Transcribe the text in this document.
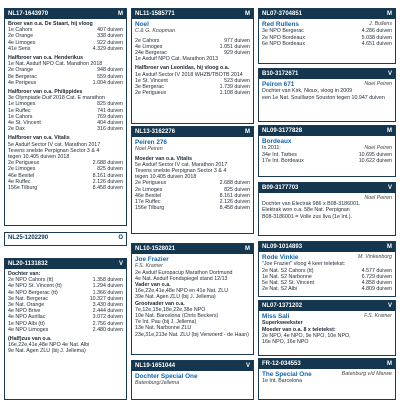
NL17-1643970	M
Broer van o.a. De Staart, hij vloog
1e Cahors	407 duiven
2e Orange	338 duiven
4e Limoges	922 duiven
41e Sens	4.329 duiven
Halfbroer van o.a. Henderikus
1e Nat. Asduif NPO Cat. Marathon 2018
2e Orange	948 duiven
8e Bergerac	559 duiven
4e Perigeux	1.004 duiven
Halfbroer van o.a. Philippides
3e Olympiade Duif 2018 Cat. E marathon
1e Limoges	825 duiven
1e Ruffec	741 duiven
1e Cahors	769 duiven
4e St. Vincent	404 duiven
2e Dax	316 duiven
Halfbroer van o.a. Vitalis
5e Asduif Sector IV cat. Marathon 2017
Tevens snelste Perpignan Sector 3 & 4
tegen 10.405 duiven 2018
2e Perigueux	2.688 duiven
2e Limoges	825 duiven
46e Bexitel	8.161 duiven
4e Ruffec	2.126 duiven
156e Tilburg	8.458 duiven
NL25-1202290	O
NL20-1131832	V
Dochter van:
2e NPO Cahors (tt)	1.358 duiven
4e NPO St. Vincent (tt)	1.294 duiven
4e NPO Bergerac (tt)	1.366 duiven
3e Nat. Bergerac	10.327 duiven
3e Nat. Orange	3.430 duiven
4e NPO Brive	2.444 duiven
4e NPO Aurillac	3.072 duiven
1e NPO Albi (tt)	2.756 duiven
4e NPO Limoges	2.480 duiven
(Half)zus van o.a.
16e,22e,41e,48e NPO 4e Nat. Albi
9e Nat. Agen ZLU (bij J. Jellema)
NL11-1585771	M
Noel
C.& G. Koopman
2e Cahors	977 duiven
4e Limoges	1.051 duiven
24e Bergerac	929 duiven
1e Asduif NPO Cat. Marathon 2013
Halfbroer van Leonidas, hij vloog o.a.
1e Asduif Sector IV 2018 WHZB/TBOTB 2014
1e St. Vincent	523 duiven
3e Bergerac	1.739 duiven
2e Perigueux	1.108 duiven
NL13-3162276	M
Peiren 276
Noel Peiren
Moeder van o.a. Vitalis
5e Asduif Sector IV cat. Marathon 2017
Tevens snelste Perpignan Sector 3 & 4
tegen 10.405 duiven 2018
2e Perigueux	2.688 duiven
2e Limoges	825 duiven
46e Bexitel	8.161 duiven
17e Ruffec	2.126 duiven
156e Tilburg	8.458 duiven
NL10-1528021	M
Joe Frazier
F.S. Kramer
2e Asduif Europacup Marathon Dortmund
4e Nat. Asduif Fondspiegel stand 12/13
Vader van o.a.
16e,22e,41e,48e NPO en 41e Nat. ZLU
39e Nat. Agen ZLU (bij J. Jellema)
Grootvader van o.a.
7e,12e,15e,18e,22e,38e NPO
10e Nat. Barcelona (Chris Beckers)
7e Int. Pau (bij J. Jellema)
13e Nat. Narbonne ZLU
23e,31e,213e Nat. ZLU (bij Verwoerd - de Haan)
NL19-1651044	V
Dochter Special One
Batenburg/Jellema
NL07-3704851	M
Red Rullens	J. Bullens
3e NPO Bergerac	4.286 duiven
2e NPO Bordeaux	5.038 duiven
6e NPO Bordeaux	4.651 duiven
B10-3172671	V
Peiron 671	Noel Peiren
Dochter van Kirk, Nioux, vloog in 2009
een 1e Nat. Souillaron Souston tegen 10.947 duiven
NL09-3177828	M
Bordeaux
In 2011:	Noel Peiren
34e Int. Tarbes	10.695 duiven
17e Int. Bordeaux	10.622 duiven
B09-3177703	V
Noel Peiren
Dochter van Electrak 986 x B08-3186001.
Elektrak won o.a. 58e Nat. Perpignan
B08-3186001 = Volle zus Ilva (1e Int.).
NL09-1014893	M
Rode Vinkie	M. Vinkenborg
"Joe Frazier" vloog 4 keer teletekst:
2e Nat. S2 Cahors (tt)	4.577 duiven
1e Nat. S2 Narbonne	6.729 duiven
5e Nat. S2 St. Vincent	4.858 duiven
2e Nat. S2 Albi	4.809 duiven
NL07-1371202	V
Miss Sali	F.S. Kramer
Superkweekster
Moeder van o.a. 8 x teletekst:
2e NPO, 4e NPO, 9e NPO, 10e NPO,
16e NPO, 16e NPO
FR-12-034553	M
The Special One	Batenburg v/d Marwe
1e Int. Barcelona
